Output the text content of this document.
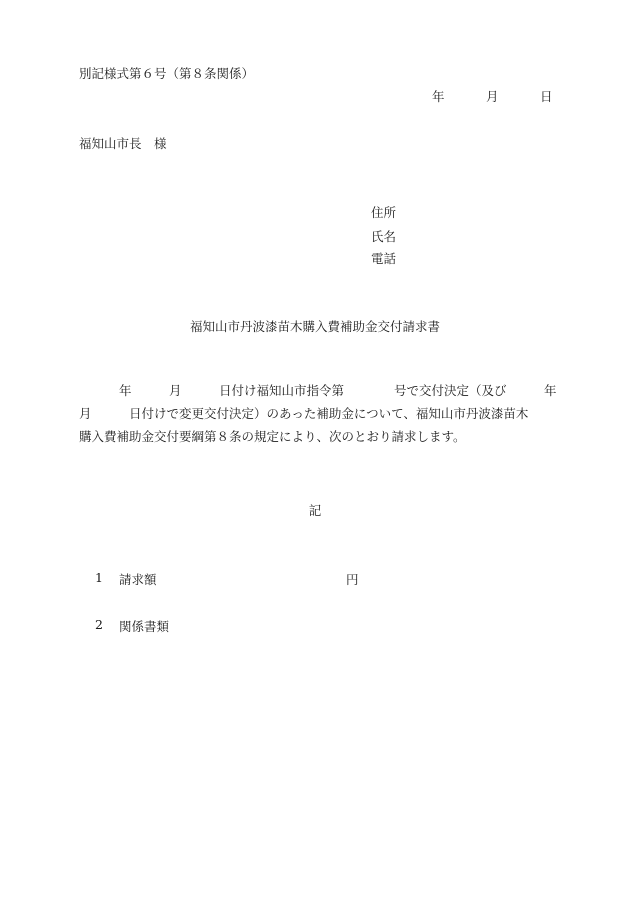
別記様式第６号（第８条関係）
年	月	日
福知山市長　様
住所
氏名
電話
福知山市丹波漆苗木購入費補助金交付請求書
年　　　月　　　日付け福知山市指令第　　　　号で交付決定（及び　　　年
月　　　日付けで変更交付決定）のあった補助金について、福知山市丹波漆苗木
購入費補助金交付要綱第８条の規定により、次のとおり請求します。
記
1 請求額	円
2 関係書類
